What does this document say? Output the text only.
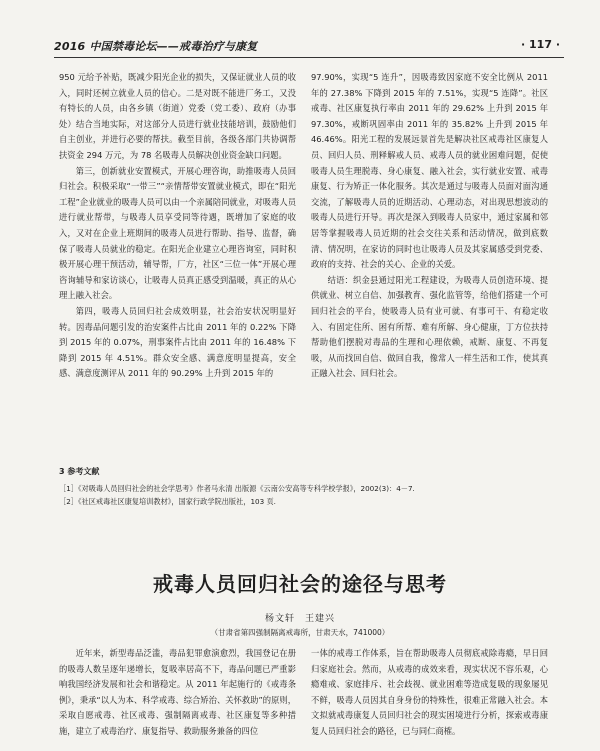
2016 中国禁毒论坛——戒毒治疗与康复	· 117 ·

950 元给予补贴，既减少阳光企业的损失，又保证就业人员的收入，同时还树立就业人员的信心。二是对既不能进厂务工，又没有特长的人员，由各乡镇（街道）党委（党工委）、政府（办事处）结合当地实际，对这部分人员进行就业技能培训，鼓励他们自主创业，并进行必要的帮扶。截至目前，各级各部门共协调帮扶资金 294 万元，为 78 名吸毒人员解决创业资金缺口问题。

第三，创新就业安置模式，开展心理咨询，助推吸毒人员回归社会。积极采取“一带三”“亲情帮带安置就业模式，即在“阳光工程”企业就业的吸毒人员可以由一个亲属陪同就业，对吸毒人员进行就业帮带，与吸毒人员享受同等待遇，既增加了家庭的收入，又对在企业上班期间的吸毒人员进行帮助、指导、监督，确保了吸毒人员就业的稳定。在阳光企业建立心理咨询室，同时积极开展心理干预活动，辅导帮，厂方，社区“三位一体”开展心理咨询辅导和家访谈心，让吸毒人员真正感受到温暖，真正的从心理上融入社会。

第四，吸毒人员回归社会成效明显，社会治安状况明显好转。因毒品问题引发的治安案件占比由 2011 年的 0.22% 下降到 2015 年的 0.07%，刑事案件占比由 2011 年的 16.48% 下降到 2015 年 4.51%。群众安全感、满意度明显提高，安全感、满意度测评从 2011 年的 90.29% 上升到 2015 年的

97.90%，实现“5 连升”，因吸毒致因家庭不安全比例从 2011 年的 27.38% 下降到 2015 年的 7.51%，实现“5 连降”。社区戒毒、社区康复执行率由 2011 年的 29.62% 上升到 2015 年 97.30%，戒断巩固率由 2011 年的 35.82% 上升到 2015 年 46.46%。阳光工程的发展远景首先是解决社区戒毒社区康复人员、回归人员、刑释解戒人员、戒毒人员的就业困难问题，促使吸毒人员生理脱毒、身心康复、融入社会，实行就业安置、戒毒康复、行为矫正一体化服务。其次是通过与吸毒人员面对面沟通交流，了解吸毒人员的近期活动、心理动态，对出现思想波动的吸毒人员进行开导。再次是深入到吸毒人员家中，通过家属和邻居等掌握吸毒人员近期的社会交往关系和活动情况，做到底数清、情况明，在家访的同时也让吸毒人员及其家属感受到党委、政府的支持、社会的关心、企业的关爱。

结语：织金县通过阳光工程建设，为吸毒人员创造环境、提供就业、树立自信、加强教育、强化监管等，给他们搭建一个可回归社会的平台，使吸毒人员有业可就、有事可干、有稳定收入、有固定住所、困有所帮、难有所解、身心健康，丁方位扶持帮助他们摆脱对毒品的生理和心理依赖，戒断、康复、不再复吸，从而找回自信、做回自我，像常人一样生活和工作，使其真正融入社会、回归社会。

3 参考文献
［1］《对吸毒人员回归社会的社会学思考》作者马永清 出版源《云南公安高等专科学校学报》，2002(3)：4－7.
［2］《社区戒毒社区康复培训教材》，国家行政学院出版社，103 页.
戒毒人员回归社会的途径与思考
杨文轩　王建兴
（甘肃省第四强制隔离戒毒所，甘肃天水，741000）

近年来，新型毒品泛滥，毒品犯罪愈演愈烈，我国登记在册的吸毒人数呈逐年递增长，复吸率居高不下，毒品问题已严重影响我国经济发展和社会和谐稳定。从 2011 年起施行的《戒毒条例》，秉承“以人为本、科学戒毒、综合矫治、关怀救助”的原则，采取自愿戒毒、社区戒毒、强制隔离戒毒、社区康复等多种措施，建立了戒毒治疗、康复指导、救助服务兼备的四位

一体的戒毒工作体系，旨在帮助吸毒人员彻底戒除毒瘾，早日回归家庭社会。然而，从戒毒的成效来看，现实状况不容乐观，心瘾难戒、家庭排斥、社会歧视、就业困难等造成复吸的现象屡见不鲜，吸毒人员因其自身身份的特殊性，很难正常融入社会。本文拟就戒毒康复人员回归社会的现实困境进行分析，探索戒毒康复人员回归社会的路径，已与同仁商榷。
